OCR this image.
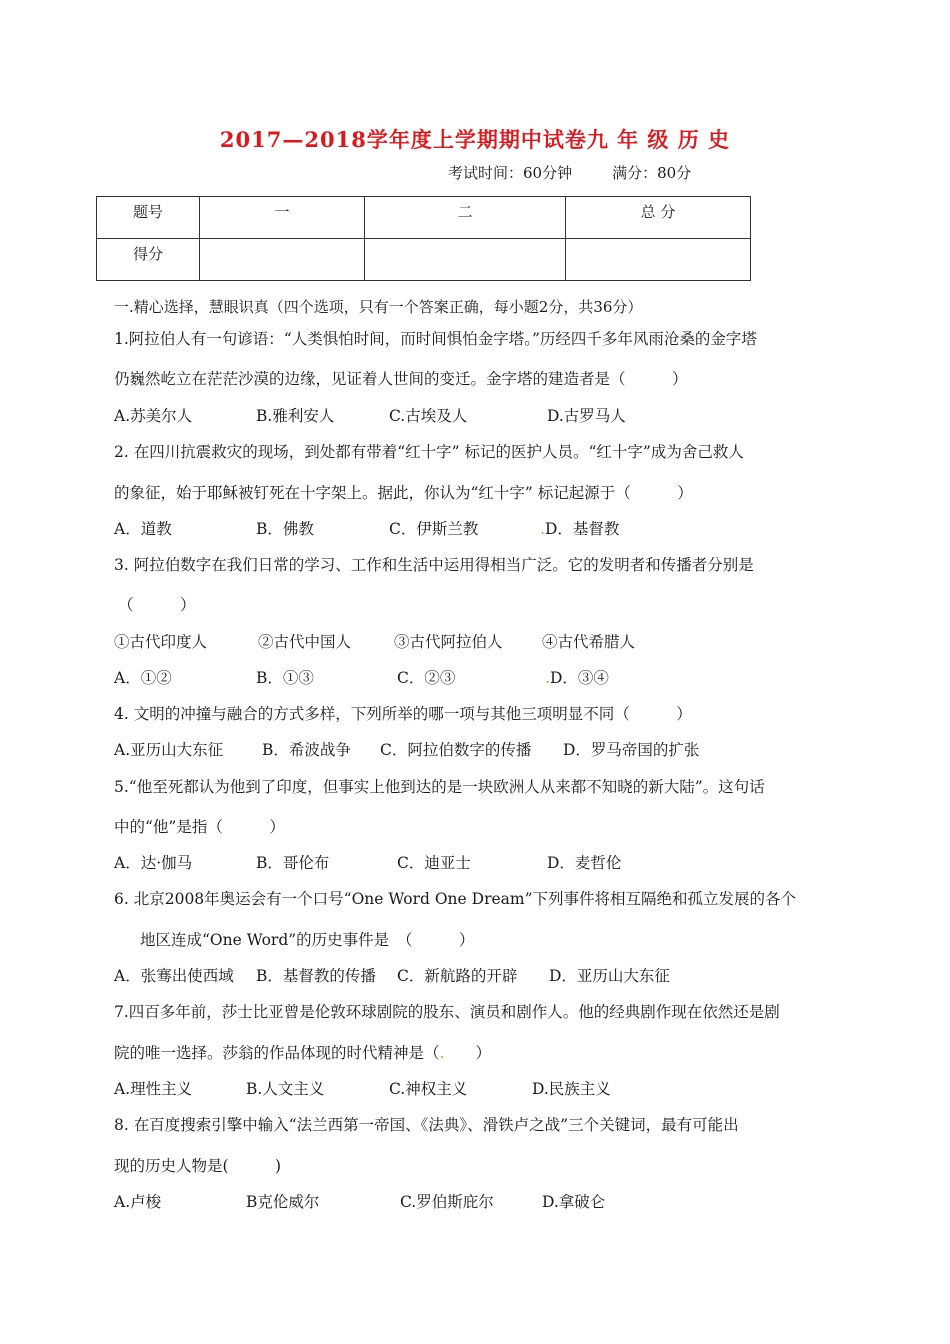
2017—2018学年度上学期期中试卷九 年 级 历 史
考试时间：60分钟	满分：80分
题号	一	二	总 分
得分			
一.精心选择，慧眼识真（四个选项，只有一个答案正确，每小题2分，共36分）
1.阿拉伯人有一句谚语：“人类惧怕时间，而时间惧怕金字塔。”历经四千多年风雨沧桑的金字塔
仍巍然屹立在茫茫沙漠的边缘，见证着人世间的变迁。金字塔的建造者是（　　　）
A.苏美尔人	B.雅利安人	C.古埃及人	D.古罗马人
2. 在四川抗震救灾的现场，到处都有带着“红十字” 标记的医护人员。“红十字”成为舍己救人
的象征，始于耶稣被钉死在十字架上。据此，你认为“红十字” 标记起源于（　　　）
A．道教	B．佛教	C．伊斯兰教	.D．基督教
3. 阿拉伯数字在我们日常的学习、工作和生活中运用得相当广泛。它的发明者和传播者分别是
（　　　）
①古代印度人	②古代中国人	③古代阿拉伯人	④古代希腊人
A．①②	B．①③	C．②③	.D．③④
4. 文明的冲撞与融合的方式多样，下列所举的哪一项与其他三项明显不同（　　　）
A.亚历山大东征	B．希波战争 C．阿拉伯数字的传播 D．罗马帝国的扩张
5.“他至死都认为他到了印度，但事实上他到达的是一块欧洲人从来都不知晓的新大陆”。这句话
中的“他”是指（　　　）
A．达·伽马	B．哥伦布	C．迪亚士	D．麦哲伦
6. 北京2008年奥运会有一个口号“One Word One Dream”下列事件将相互隔绝和孤立发展的各个
地区连成“One Word”的历史事件是　（　　　）
A．张骞出使西域 B．基督教的传播 C．新航路的开辟 D．亚历山大东征
7.四百多年前，莎士比亚曾是伦敦环球剧院的股东、演员和剧作人。他的经典剧作现在依然还是剧
院的唯一选择。莎翁的作品体现的时代精神是（.　　）
A.理性主义	B.人文主义	C.神权主义	D.民族主义
8. 在百度搜索引擎中输入“法兰西第一帝国、《法典》、滑铁卢之战”三个关键词，最有可能出
现的历史人物是(　　　)
A.卢梭	B克伦威尔	C.罗伯斯庇尔	D.拿破仑
